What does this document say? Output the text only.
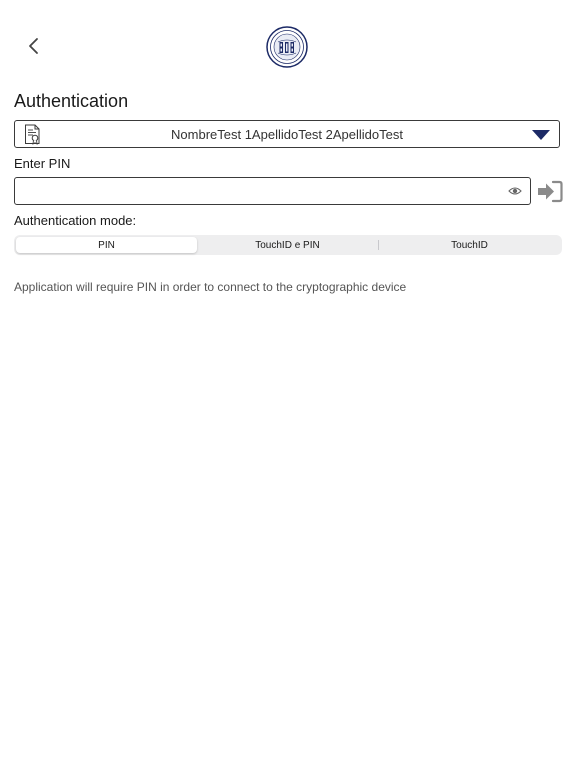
Authentication
NombreTest 1ApellidoTest 2ApellidoTest
Enter PIN
Authentication mode:
PIN	TouchID e PIN	TouchID
Application will require PIN in order to connect to the cryptographic device
